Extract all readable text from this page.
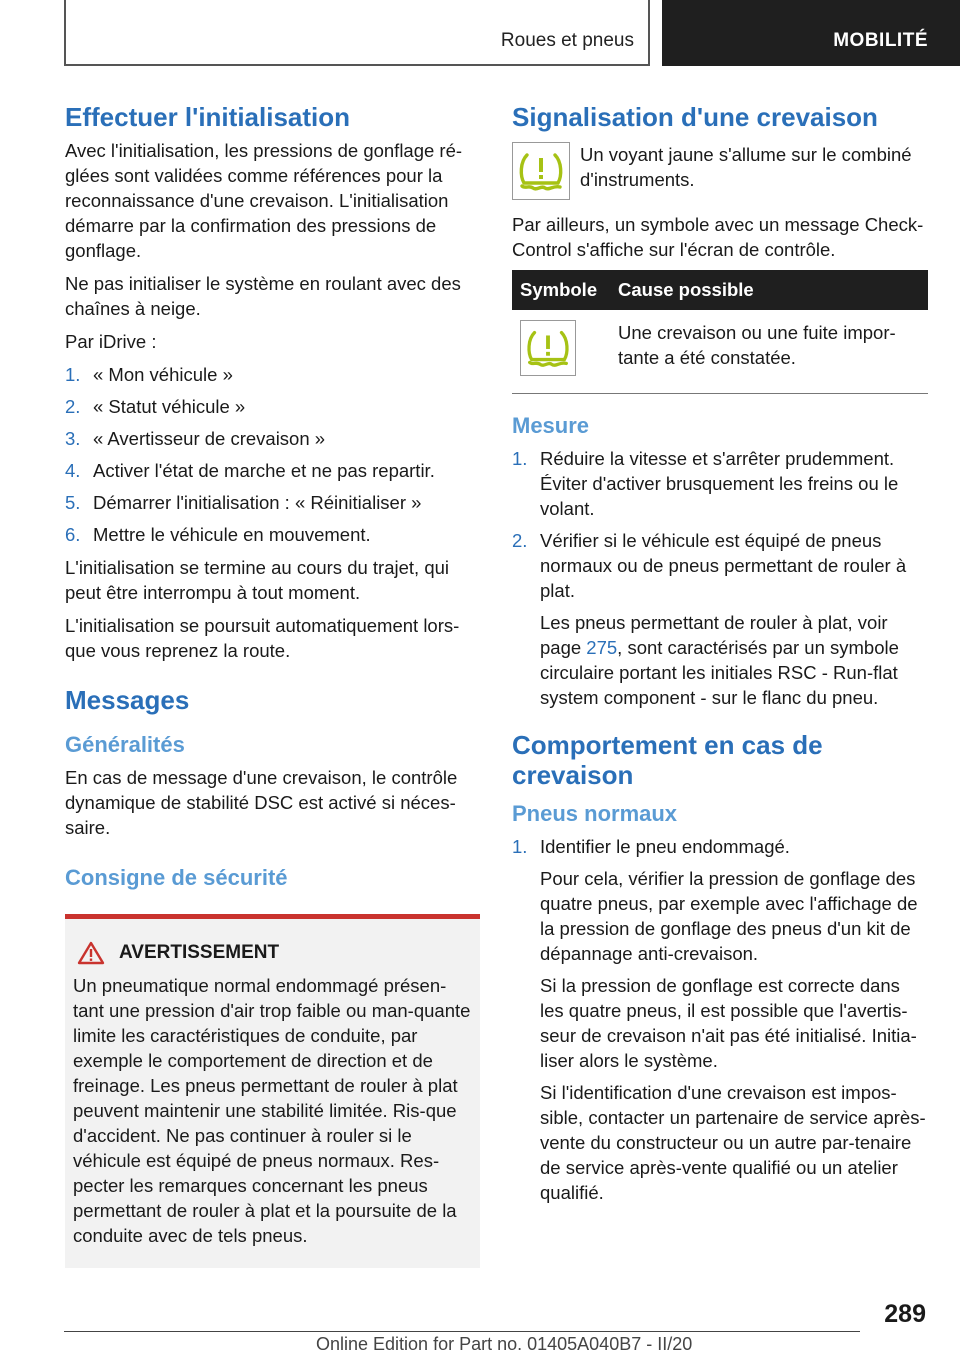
Roues et pneus	MOBILITÉ
Effectuer l'initialisation

Avec l'initialisation, les pressions de gonflage ré-glées sont validées comme références pour la reconnaissance d'une crevaison. L'initialisation démarre par la confirmation des pressions de gonflage.

Ne pas initialiser le système en roulant avec des chaînes à neige.

Par iDrive :

1. « Mon véhicule »
2. « Statut véhicule »
3. « Avertisseur de crevaison »
4. Activer l'état de marche et ne pas repartir.
5. Démarrer l'initialisation : « Réinitialiser »
6. Mettre le véhicule en mouvement.

L'initialisation se termine au cours du trajet, qui peut être interrompu à tout moment.

L'initialisation se poursuit automatiquement lors-que vous reprenez la route.

Messages
Généralités

En cas de message d'une crevaison, le contrôle dynamique de stabilité DSC est activé si néces-saire.

Consigne de sécurité
AVERTISSEMENT

Un pneumatique normal endommagé présen-tant une pression d'air trop faible ou man-quante limite les caractéristiques de conduite, par exemple le comportement de direction et de freinage. Les pneus permettant de rouler à plat peuvent maintenir une stabilité limitée. Ris-que d'accident. Ne pas continuer à rouler si le véhicule est équipé de pneus normaux. Res-pecter les remarques concernant les pneus permettant de rouler à plat et la poursuite de la conduite avec de tels pneus.

Signalisation d'une crevaison

Un voyant jaune s'allume sur le combiné d'instruments.

Par ailleurs, un symbole avec un message Check-Control s'affiche sur l'écran de contrôle.

Symbole	Cause possible
	Une crevaison ou une fuite impor-tante a été constatée.
Mesure
1. Réduire la vitesse et s'arrêter prudemment. Éviter d'activer brusquement les freins ou le volant.
2. Vérifier si le véhicule est équipé de pneus normaux ou de pneus permettant de rouler à plat.

Les pneus permettant de rouler à plat, voir page 275, sont caractérisés par un symbole circulaire portant les initiales RSC - Run-flat system component - sur le flanc du pneu.

Comportement en cas de crevaison
Pneus normaux
1. Identifier le pneu endommagé.

Pour cela, vérifier la pression de gonflage des quatre pneus, par exemple avec l'affichage de la pression de gonflage des pneus d'un kit de dépannage anti-crevaison.

Si la pression de gonflage est correcte dans les quatre pneus, il est possible que l'avertis-seur de crevaison n'ait pas été initialisé. Initia-liser alors le système.

Si l'identification d'une crevaison est impos-sible, contacter un partenaire de service après-vente du constructeur ou un autre par-tenaire de service après-vente qualifié ou un atelier qualifié.

289
Online Edition for Part no. 01405A040B7 - II/20
